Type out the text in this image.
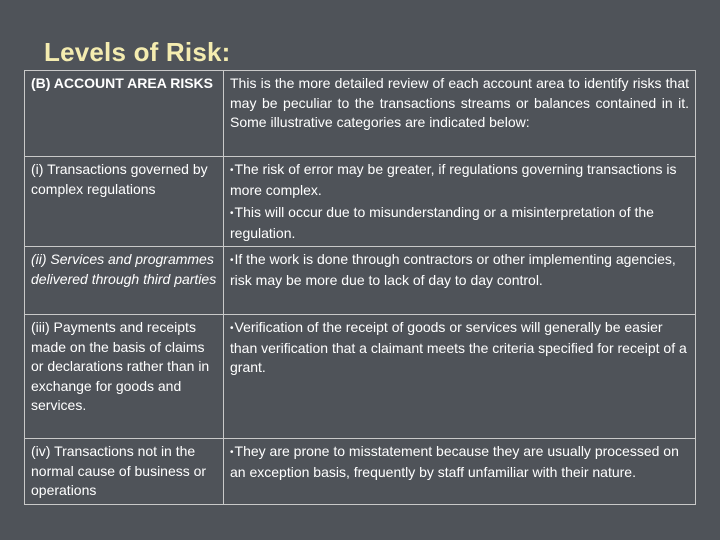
Levels of Risk:
(B) ACCOUNT AREA RISKS	This is the more detailed review of each account area to identify risks that may be peculiar to the transactions streams or balances contained in it. Some illustrative categories are indicated below:
(i) Transactions governed by complex regulations	•The risk of error may be greater, if regulations governing transactions is more complex.
•This will occur due to misunderstanding or a misinterpretation of the regulation.

(ii) Services and programmes delivered through third parties	•If the work is done through contractors or other implementing agencies, risk may be more due to lack of day to day control.

(iii) Payments and receipts made on the basis of claims or declarations rather than in exchange for goods and services.	•Verification of the receipt of goods or services will generally be easier than verification that a claimant meets the criteria specified for receipt of a grant.

(iv) Transactions not in the normal cause of business or operations	•They are prone to misstatement because they are usually processed on an exception basis, frequently by staff unfamiliar with their nature.
